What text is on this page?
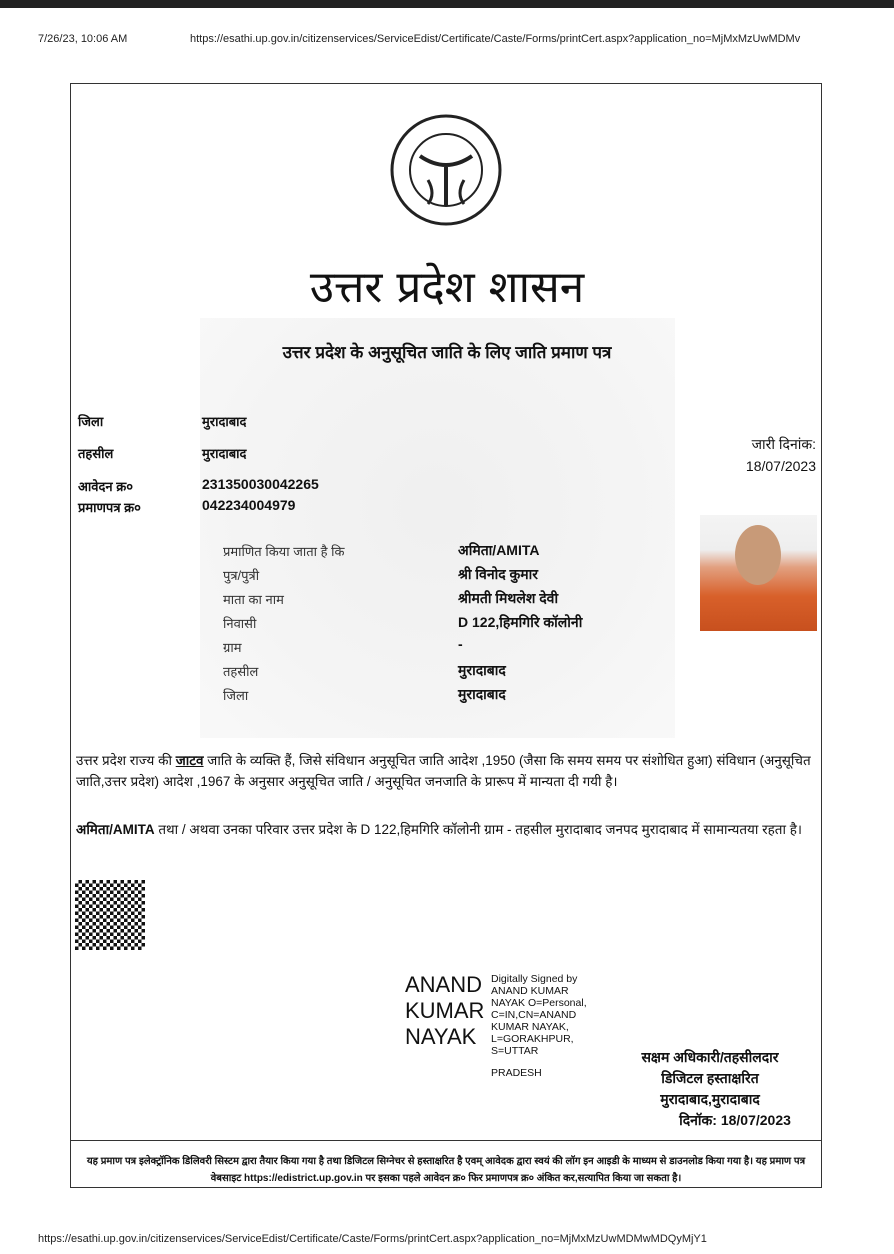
7/26/23, 10:06 AM	https://esathi.up.gov.in/citizenservices/ServiceEdist/Certificate/Caste/Forms/printCert.aspx?application_no=MjMxMzUwMDMv
उत्तर प्रदेश शासन
उत्तर प्रदेश के अनुसूचित जाति के लिए जाति प्रमाण पत्र
जिला	मुरादाबाद
तहसील	मुरादाबाद
आवेदन क्र०	231350030042265
प्रमाणपत्र क्र०	042234004979
जारी दिनांक:
18/07/2023
प्रमाणित किया जाता है कि	अमिता/AMITA
पुत्र/पुत्री	श्री विनोद कुमार
माता का नाम	श्रीमती मिथलेश देवी
निवासी	D 122,हिमगिरि कॉलोनी
ग्राम	-
तहसील	मुरादाबाद
जिला	मुरादाबाद
उत्तर प्रदेश राज्य की जाटव जाति के व्यक्ति हैं, जिसे संविधान अनुसूचित जाति आदेश ,1950 (जैसा कि समय समय पर संशोधित हुआ) संविधान (अनुसूचित जाति,उत्तर प्रदेश) आदेश ,1967 के अनुसार अनुसूचित जाति / अनुसूचित जनजाति के प्रारूप में मान्यता दी गयी है।
अमिता/AMITA तथा / अथवा उनका परिवार उत्तर प्रदेश के D 122,हिमगिरि कॉलोनी ग्राम - तहसील मुरादाबाद जनपद मुरादाबाद में सामान्यतया रहता है।
ANAND
KUMAR
NAYAK
Digitally Signed by
ANAND KUMAR
NAYAK O=Personal,
C=IN,CN=ANAND
KUMAR NAYAK,
L=GORAKHPUR,
S=UTTAR
PRADESH
सक्षम अधिकारी/तहसीलदार
डिजिटल हस्ताक्षरित
मुरादाबाद,मुरादाबाद
दिनॉक: 18/07/2023
यह प्रमाण पत्र इलेक्ट्रॉनिक डिलिवरी सिस्टम द्वारा तैयार किया गया है तथा डिजिटल सिग्नेचर से हस्ताक्षरित है एवम् आवेदक द्वारा स्वयं की लॉग इन आइडी के माध्यम से डाउनलोड किया गया है। यह प्रमाण पत्र वेबसाइट https://edistrict.up.gov.in पर इसका पहले आवेदन क्र० फिर प्रमाणपत्र क्र० अंकित कर,सत्यापित किया जा सकता है।
https://esathi.up.gov.in/citizenservices/ServiceEdist/Certificate/Caste/Forms/printCert.aspx?application_no=MjMxMzUwMDMwMDQyMjY1
